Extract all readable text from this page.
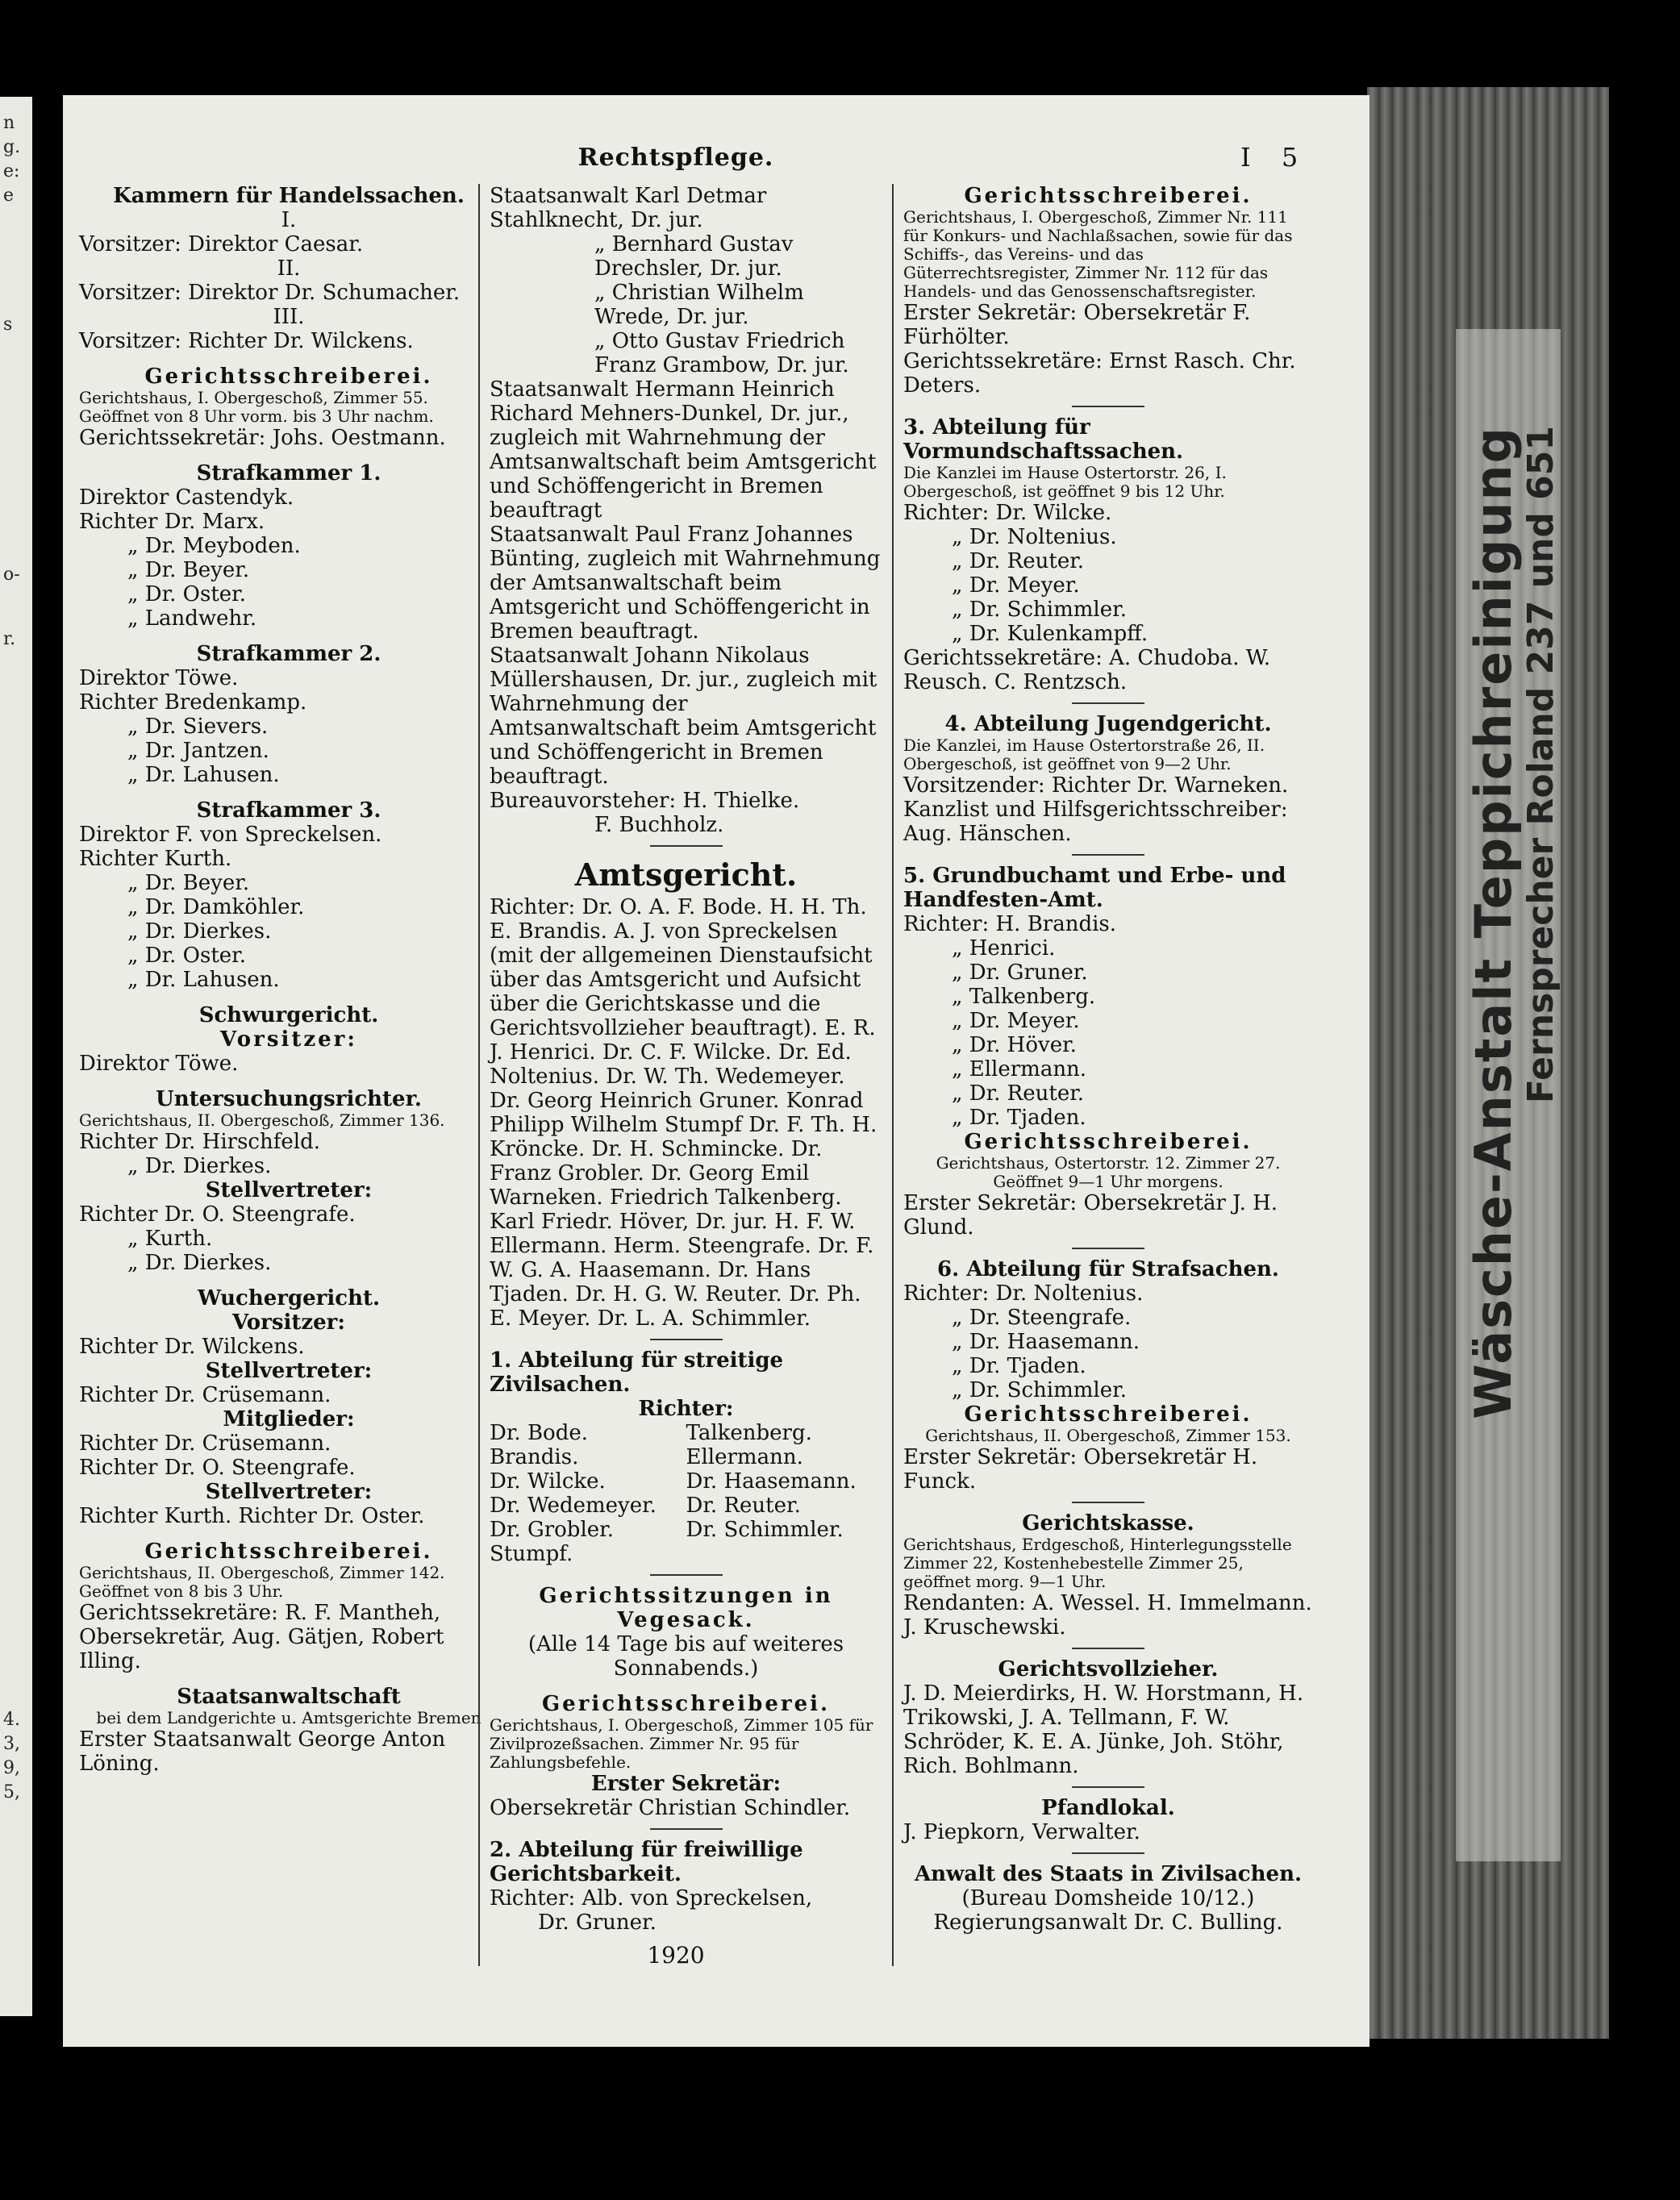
n
g.
e:
e
s
o-
r.
4.
3,
9,
5,
Wäsche-Anstalt Teppichreinigung
Fernsprecher Roland 237 und 651
Rechtspflege.	I 5
Kammern für Handelssachen.
I.
Vorsitzer: Direktor Caesar.
II.
Vorsitzer: Direktor Dr. Schumacher.
III.
Vorsitzer: Richter Dr. Wilckens.
Gerichtsschreiberei.
Gerichtshaus, I. Obergeschoß, Zimmer 55. Geöffnet von 8 Uhr vorm. bis 3 Uhr nachm.
Gerichtssekretär: Johs. Oestmann.
Strafkammer 1.
Direktor Castendyk.
Richter Dr. Marx.
„ Dr. Meyboden.
„ Dr. Beyer.
„ Dr. Oster.
„ Landwehr.
Strafkammer 2.
Direktor Töwe.
Richter Bredenkamp.
„ Dr. Sievers.
„ Dr. Jantzen.
„ Dr. Lahusen.
Strafkammer 3.
Direktor F. von Spreckelsen.
Richter Kurth.
„ Dr. Beyer.
„ Dr. Damköhler.
„ Dr. Dierkes.
„ Dr. Oster.
„ Dr. Lahusen.
Schwurgericht.
Vorsitzer:
Direktor Töwe.
Untersuchungsrichter.
Gerichtshaus, II. Obergeschoß, Zimmer 136.
Richter Dr. Hirschfeld.
„ Dr. Dierkes.
Stellvertreter:
Richter Dr. O. Steengrafe.
„ Kurth.
„ Dr. Dierkes.
Wuchergericht.
Vorsitzer:
Richter Dr. Wilckens.
Stellvertreter:
Richter Dr. Crüsemann.
Mitglieder:
Richter Dr. Crüsemann.
Richter Dr. O. Steengrafe.
Stellvertreter:
Richter Kurth. Richter Dr. Oster.
Gerichtsschreiberei.
Gerichtshaus, II. Obergeschoß, Zimmer 142. Geöffnet von 8 bis 3 Uhr.
Gerichtssekretäre: R. F. Mantheh, Obersekretär, Aug. Gätjen, Robert Illing.
Staatsanwaltschaft
bei dem Landgerichte u. Amtsgerichte Bremen
Erster Staatsanwalt George Anton Löning.
Staatsanwalt Karl Detmar Stahlknecht, Dr. jur.
„ Bernhard Gustav Drechsler, Dr. jur.
„ Christian Wilhelm Wrede, Dr. jur.
„ Otto Gustav Friedrich Franz Grambow, Dr. jur.
Staatsanwalt Hermann Heinrich Richard Mehners-Dunkel, Dr. jur., zugleich mit Wahrnehmung der Amtsanwaltschaft beim Amtsgericht und Schöffengericht in Bremen beauftragt
Staatsanwalt Paul Franz Johannes Bünting, zugleich mit Wahrnehmung der Amtsanwaltschaft beim Amtsgericht und Schöffengericht in Bremen beauftragt.
Staatsanwalt Johann Nikolaus Müllershausen, Dr. jur., zugleich mit Wahrnehmung der Amtsanwaltschaft beim Amtsgericht und Schöffengericht in Bremen beauftragt.
Bureauvorsteher: H. Thielke.
F. Buchholz.
Amtsgericht.
Richter: Dr. O. A. F. Bode. H. H. Th. E. Brandis. A. J. von Spreckelsen (mit der allgemeinen Dienstaufsicht über das Amtsgericht und Aufsicht über die Gerichtskasse und die Gerichtsvollzieher beauftragt). E. R. J. Henrici. Dr. C. F. Wilcke. Dr. Ed. Noltenius. Dr. W. Th. Wedemeyer. Dr. Georg Heinrich Gruner. Konrad Philipp Wilhelm Stumpf Dr. F. Th. H. Kröncke. Dr. H. Schmincke. Dr. Franz Grobler. Dr. Georg Emil Warneken. Friedrich Talkenberg. Karl Friedr. Höver, Dr. jur. H. F. W. Ellermann. Herm. Steengrafe. Dr. F. W. G. A. Haasemann. Dr. Hans Tjaden. Dr. H. G. W. Reuter. Dr. Ph. E. Meyer. Dr. L. A. Schimmler.
1. Abteilung für streitige Zivilsachen.
Richter:
Dr. Bode.	Talkenberg.
Brandis.	Ellermann.
Dr. Wilcke.	Dr. Haasemann.
Dr. Wedemeyer.	Dr. Reuter.
Dr. Grobler.	Dr. Schimmler.
Stumpf.
Gerichtssitzungen in Vegesack.
(Alle 14 Tage bis auf weiteres Sonnabends.)
Gerichtsschreiberei.
Gerichtshaus, I. Obergeschoß, Zimmer 105 für Zivilprozeßsachen. Zimmer Nr. 95 für Zahlungsbefehle.
Erster Sekretär:
Obersekretär Christian Schindler.
2. Abteilung für freiwillige Gerichtsbarkeit.
Richter: Alb. von Spreckelsen,
Dr. Gruner.
Gerichtsschreiberei.
Gerichtshaus, I. Obergeschoß, Zimmer Nr. 111 für Konkurs- und Nachlaßsachen, sowie für das Schiffs-, das Vereins- und das Güterrechtsregister, Zimmer Nr. 112 für das Handels- und das Genossenschaftsregister.
Erster Sekretär: Obersekretär F. Fürhölter.
Gerichtssekretäre: Ernst Rasch. Chr. Deters.
3. Abteilung für Vormundschaftssachen.
Die Kanzlei im Hause Ostertorstr. 26, I. Obergeschoß, ist geöffnet 9 bis 12 Uhr.
Richter: Dr. Wilcke.
„ Dr. Noltenius.
„ Dr. Reuter.
„ Dr. Meyer.
„ Dr. Schimmler.
„ Dr. Kulenkampff.
Gerichtssekretäre: A. Chudoba. W. Reusch. C. Rentzsch.
4. Abteilung Jugendgericht.
Die Kanzlei, im Hause Ostertorstraße 26, II. Obergeschoß, ist geöffnet von 9—2 Uhr.
Vorsitzender: Richter Dr. Warneken.
Kanzlist und Hilfsgerichtsschreiber: Aug. Hänschen.
5. Grundbuchamt und Erbe- und Handfesten-Amt.
Richter: H. Brandis.
„ Henrici.
„ Dr. Gruner.
„ Talkenberg.
„ Dr. Meyer.
„ Dr. Höver.
„ Ellermann.
„ Dr. Reuter.
„ Dr. Tjaden.
Gerichtsschreiberei.
Gerichtshaus, Ostertorstr. 12. Zimmer 27. Geöffnet 9—1 Uhr morgens.
Erster Sekretär: Obersekretär J. H. Glund.
6. Abteilung für Strafsachen.
Richter: Dr. Noltenius.
„ Dr. Steengrafe.
„ Dr. Haasemann.
„ Dr. Tjaden.
„ Dr. Schimmler.
Gerichtsschreiberei.
Gerichtshaus, II. Obergeschoß, Zimmer 153.
Erster Sekretär: Obersekretär H. Funck.
Gerichtskasse.
Gerichtshaus, Erdgeschoß, Hinterlegungsstelle Zimmer 22, Kostenhebestelle Zimmer 25, geöffnet morg. 9—1 Uhr.
Rendanten: A. Wessel. H. Immelmann. J. Kruschewski.
Gerichtsvollzieher.
J. D. Meierdirks, H. W. Horstmann, H. Trikowski, J. A. Tellmann, F. W. Schröder, K. E. A. Jünke, Joh. Stöhr, Rich. Bohlmann.
Pfandlokal.
J. Piepkorn, Verwalter.
Anwalt des Staats in Zivilsachen.
(Bureau Domsheide 10/12.)
Regierungsanwalt Dr. C. Bulling.
1920
